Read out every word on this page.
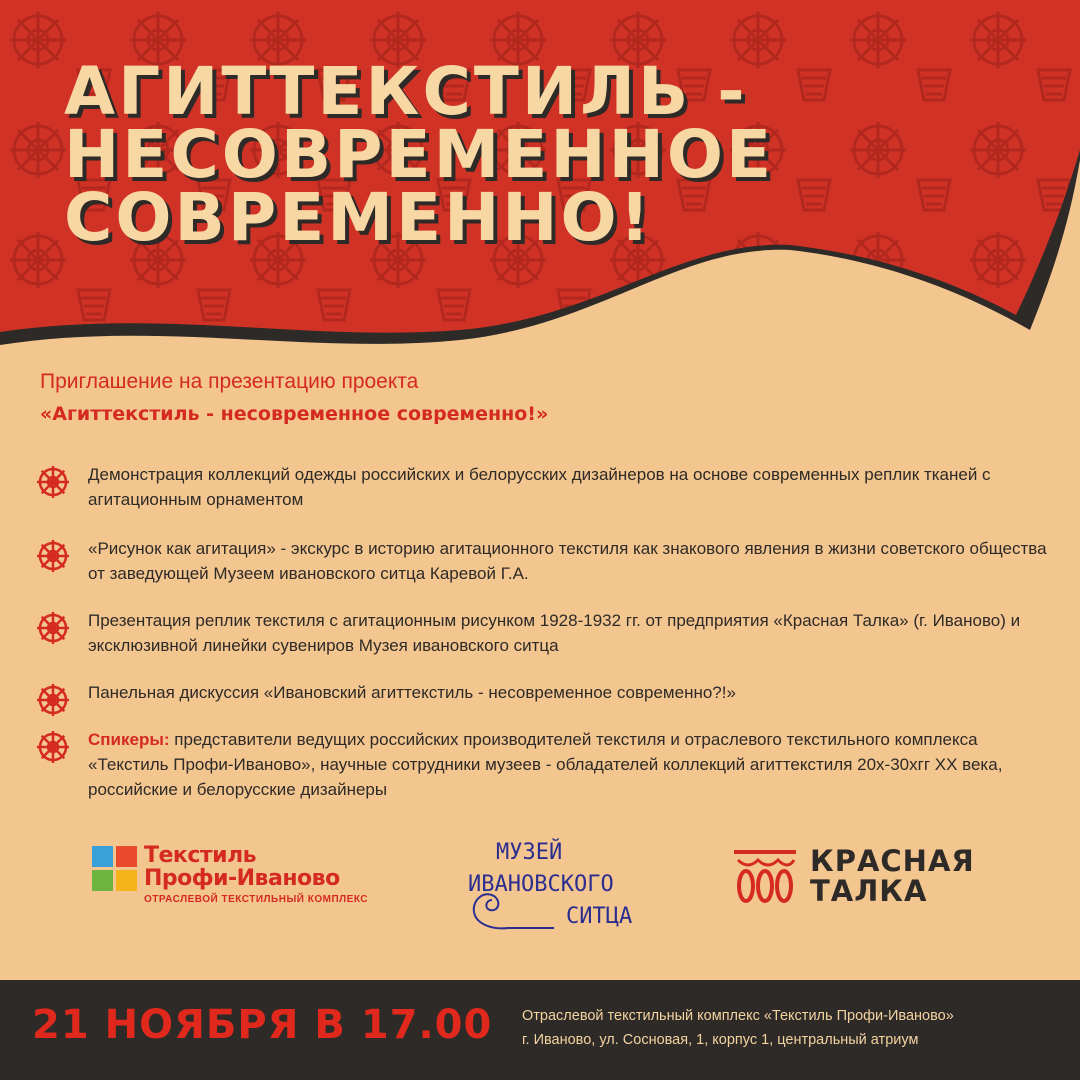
АГИТТЕКСТИЛЬ -
НЕСОВРЕМЕННОЕ
СОВРЕМЕННО!
Приглашение на презентацию проекта
«Агиттекстиль - несовременное современно!»
Демонстрация коллекций одежды российских и белорусских дизайнеров на основе современных реплик тканей с агитационным орнаментом
«Рисунок как агитация» - экскурс в историю агитационного текстиля как знакового явления в жизни советского общества от заведующей Музеем ивановского ситца Каревой Г.А.
Презентация реплик текстиля с агитационным рисунком 1928-1932 гг. от предприятия «Красная Талка» (г. Иваново) и эксклюзивной линейки сувениров Музея ивановского ситца
Панельная дискуссия «Ивановский агиттекстиль - несовременное современно?!»
Спикеры: представители ведущих российских производителей текстиля и отраслевого текстильного комплекса «Текстиль Профи-Иваново», научные сотрудники музеев - обладателей коллекций агиттекстиля 20х-30хгг XX века, российские и белорусские дизайнеры
Текстиль
Профи-Иваново
ОТРАСЛЕВОЙ ТЕКСТИЛЬНЫЙ КОМПЛЕКС
МУЗЕЙ
ИВАНОВСКОГО
СИТЦА
КРАСНАЯ
ТАЛКА
21 НОЯБРЯ В 17.00 Отраслевой текстильный комплекс «Текстиль Профи-Иваново»
г. Иваново, ул. Сосновая, 1, корпус 1, центральный атриум
